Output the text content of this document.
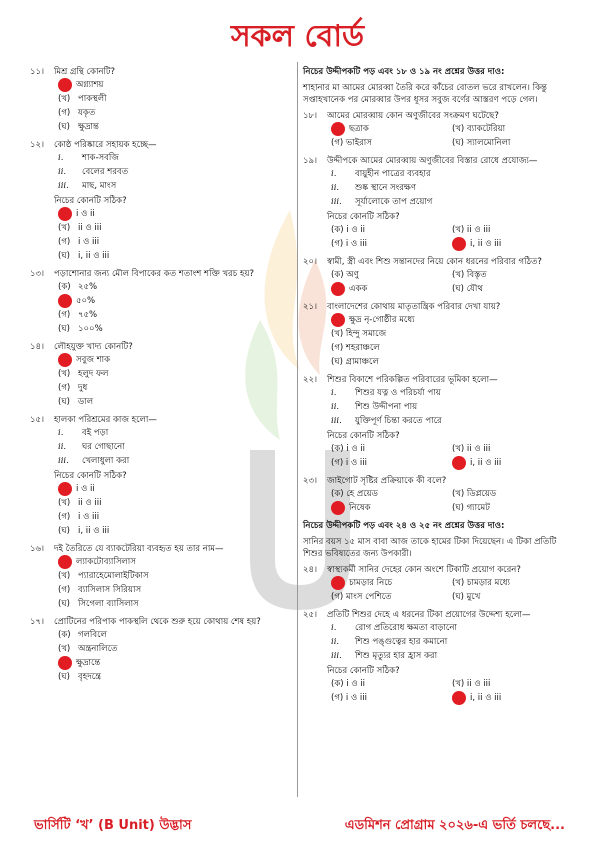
সকল বোর্ড
১১।	মিশ্র গ্রন্থি কোনটি?
অগ্ন্যাশয়
(খ) পাকস্থলী
(গ) যকৃত
(ঘ) ক্ষুদ্রান্ত
১২।	কোষ্ঠ পরিষ্কারে সহায়ক হচ্ছে—
i.	শাক-সবজি
ii.	বেলের শরবত
iii.	মাছ, মাংস
নিচের কোনটি সঠিক?
i ও ii
(খ) ii ও iii
(গ) i ও iii
(ঘ) i, ii ও iii
১৩।	পড়াশোনার জন্য মৌল বিপাকের কত শতাংশ শক্তি খরচ হয়?
(ক) ২৫%
৫০%
(গ) ৭৫%
(ঘ) ১০০%
১৪।	লৌহযুক্ত খাদ্য কোনটি?
সবুজ শাক
(খ) হলুদ ফল
(গ) দুধ
(ঘ) ডাল
১৫।	হালকা পরিশ্রমের কাজ হলো—
i.	বই পড়া
ii.	ঘর গোছানো
iii.	খেলাধুলা করা
নিচের কোনটি সঠিক?
i ও ii
(খ) ii ও iii
(গ) i ও iii
(ঘ) i, ii ও iii
১৬।	দই তৈরিতে যে ব্যাকটেরিয়া ব্যবহৃত হয় তার নাম—
ল্যাকটোব্যাসিলাস
(খ) প্যারাহেমোলাইটিকাস
(গ) ব্যাসিলাস সিরিয়াস
(ঘ) সিগেলা ব্যাসিলাস
১৭।	প্রোটিনের পরিপাক পাকস্থলি থেকে শুরু হয়ে কোথায় শেষ হয়?
(ক) গলবিলে
(খ) অন্ত্রনালিতে
ক্ষুদ্রান্তে
(ঘ) বৃহদন্ত্রে
নিচের উদ্দীপকটি পড় এবং ১৮ ও ১৯ নং প্রশ্নের উত্তর দাও:
শাহানার মা আমের মোরব্বা তৈরি করে কাঁচের বোতল ভরে রাখলেন। কিন্তু সপ্তাহখানেক পর মোরব্বার উপর ধূসর সবুজ বর্ণের আস্তরণ পড়ে গেল।
১৮।	আমের মোরব্বায় কোন অণুজীবের সংক্রমণ ঘটেছে?
ছত্রাক	(খ) ব্যাকটেরিয়া
(গ) ভাইরাস	(ঘ) স্যালমোনিলা
১৯।	উদ্দীপকে আমের মোরব্বায় অণুজীবের বিস্তার রোধে প্রযোজ্য—
i.	বায়ুহীন পাত্রের ব্যবহার
ii.	শুষ্ক স্থানে সংরক্ষণ
iii.	সূর্যালোকে তাপ প্রয়োগ
নিচের কোনটি সঠিক?
(ক) i ও ii	(খ) ii ও iii
(গ) i ও iii	i, ii ও iii
২০।	স্বামী, স্ত্রী এবং শিশু সন্তানদের নিয়ে কোন ধরনের পরিবার গঠিত?
(ক) অণু	(খ) বিস্তৃত
একক	(ঘ) যৌথ
২১।	বাংলাদেশের কোথায় মাতৃতান্ত্রিক পরিবার দেখা যায়?
ক্ষুদ্র নৃ-গোষ্ঠীর মধ্যে
(খ) হিন্দু সমাজে
(গ) শহরাঞ্চলে
(ঘ) গ্রামাঞ্চলে
২২।	শিশুর বিকাশে পরিকল্পিত পরিবারের ভূমিকা হলো—
i.	শিশুর যত্ন ও পরিচর্যা পায়
ii.	শিশু উদ্দীপনা পায়
iii.	যুক্তিপূর্ণ চিন্তা করতে পারে
নিচের কোনটি সঠিক?
(ক) i ও ii	(খ) ii ও iii
(গ) i ও iii	i, ii ও iii
২৩।	জাইগোট সৃষ্টির প্রক্রিয়াকে কী বলে?
(ক) হে প্রয়েড	(খ) ডিপ্লয়েড
নিষেক	(ঘ) গ্যামেট
নিচের উদ্দীপকটি পড় এবং ২৪ ও ২৫ নং প্রশ্নের উত্তর দাও:
সানির বয়স ১৫ মাস বাবা আজ তাকে হামের টিকা দিয়েছেন। এ টিকা প্রতিটি শিশুর ভবিষ্যতের জন্য উপকারী।
২৪।	স্বাস্থ্যকর্মী সানির দেহের কোন অংশে টিকাটি প্রয়োগ করেন?
চামড়ার নিচে	(খ) চামড়ার মধ্যে
(গ) মাংস পেশিতে	(ঘ) মুখে
২৫।	প্রতিটি শিশুর দেহে এ ধরনের টিকা প্রয়োগের উদ্দেশ্য হলো—
i.	রোগ প্রতিরোধ ক্ষমতা বাড়ানো
ii.	শিশু পঙ্গুত্বের হার কমানো
iii.	শিশু মৃত্যুর হার হ্রাস করা
নিচের কোনটি সঠিক?
(ক) i ও ii	(খ) ii ও iii
(গ) i ও iii	i, ii ও iii
ভার্সিটি ‘খ’ (B Unit) উদ্ভাস	এডমিশন প্রোগ্রাম ২০২৬-এ ভর্তি চলছে...
